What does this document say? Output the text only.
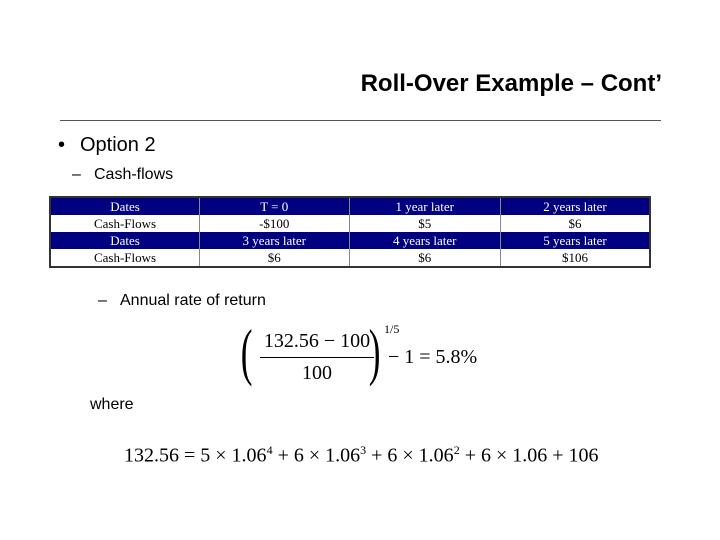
Roll-Over Example – Cont’
• Option 2
– Cash-flows
Dates	T = 0	1 year later	2 years later
Cash-Flows	-$100	$5	$6
Dates	3 years later	4 years later	5 years later
Cash-Flows	$6	$6	$106
– Annual rate of return
( 132.56 − 100
100 ) 1/5
− 1 = 5.8%
where
$132.56 = 5 \times 1.06^4 + 6 \times 1.06^3 + 6 \times 1.06^2 + 6 \times 1.06 + 106$
